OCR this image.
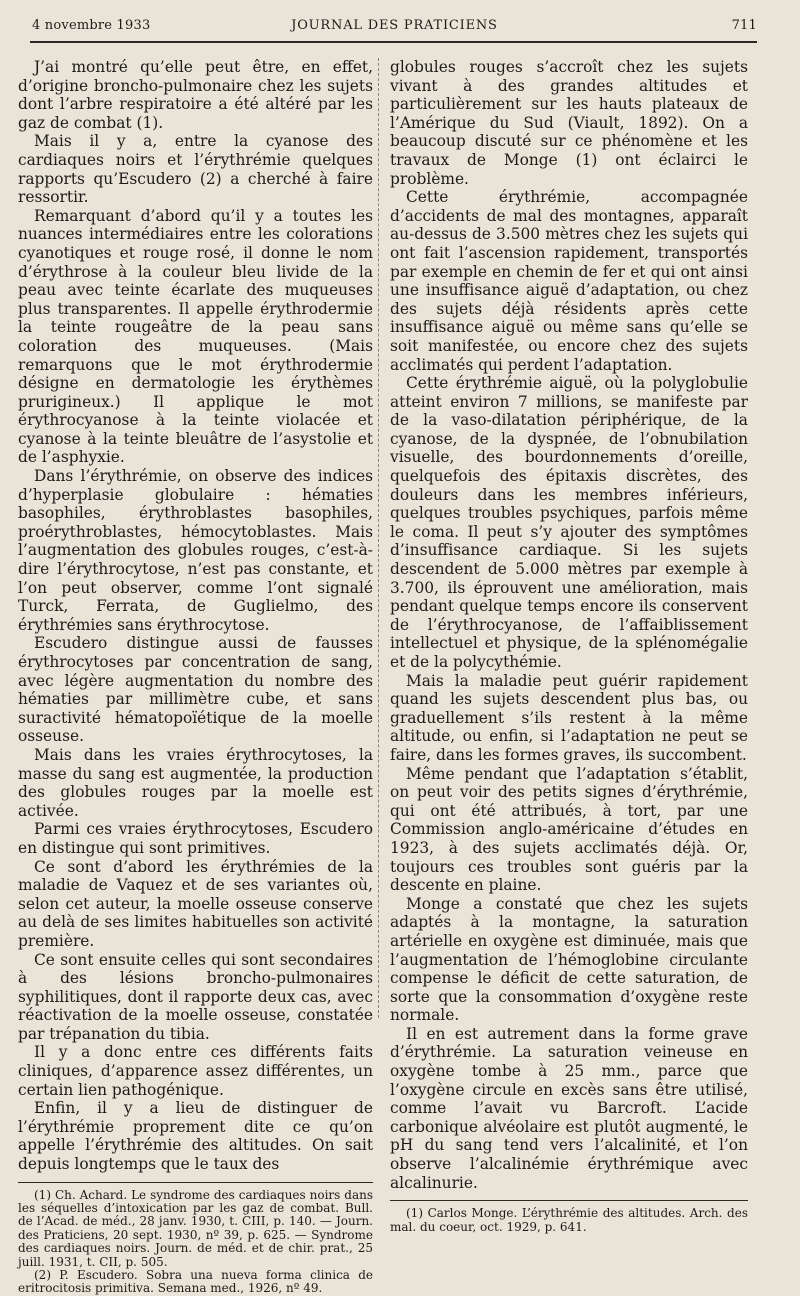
4 novembre 1933	JOURNAL DES PRATICIENS	711

J’ai montré qu’elle peut être, en effet, d’origine broncho-pulmonaire chez les sujets dont l’arbre respiratoire a été altéré par les gaz de combat (1).

Mais il y a, entre la cyanose des cardiaques noirs et l’érythrémie quelques rapports qu’Escudero (2) a cherché à faire ressortir.

Remarquant d’abord qu’il y a toutes les nuances intermédiaires entre les colorations cyanotiques et rouge rosé, il donne le nom d’érythrose à la couleur bleu livide de la peau avec teinte écarlate des muqueuses plus transparentes. Il appelle érythrodermie la teinte rougeâtre de la peau sans coloration des muqueuses. (Mais remarquons que le mot érythrodermie désigne en dermatologie les érythèmes prurigineux.) Il applique le mot érythrocyanose à la teinte violacée et cyanose à la teinte bleuâtre de l’asystolie et de l’asphyxie.

Dans l’érythrémie, on observe des indices d’hyperplasie globulaire : hématies basophiles, érythroblastes basophiles, proérythroblastes, hémocytoblastes. Mais l’augmentation des globules rouges, c’est-à-dire l’érythrocytose, n’est pas constante, et l’on peut observer, comme l’ont signalé Turck, Ferrata, de Guglielmo, des érythrémies sans érythrocytose.

Escudero distingue aussi de fausses érythrocytoses par concentration de sang, avec légère augmentation du nombre des hématies par millimètre cube, et sans suractivité hématopoïétique de la moelle osseuse.

Mais dans les vraies érythrocytoses, la masse du sang est augmentée, la production des globules rouges par la moelle est activée.

Parmi ces vraies érythrocytoses, Escudero en distingue qui sont primitives.

Ce sont d’abord les érythrémies de la maladie de Vaquez et de ses variantes où, selon cet auteur, la moelle osseuse conserve au delà de ses limites habituelles son activité première.

Ce sont ensuite celles qui sont secondaires à des lésions broncho-pulmonaires syphilitiques, dont il rapporte deux cas, avec réactivation de la moelle osseuse, constatée par trépanation du tibia.

Il y a donc entre ces différents faits cliniques, d’apparence assez différentes, un certain lien pathogénique.

Enfin, il y a lieu de distinguer de l’érythrémie proprement dite ce qu’on appelle l’érythrémie des altitudes. On sait depuis longtemps que le taux des

(1) Ch. Achard. Le syndrome des cardiaques noirs dans les séquelles d’intoxication par les gaz de combat. Bull. de l’Acad. de méd., 28 janv. 1930, t. CIII, p. 140. — Journ. des Praticiens, 20 sept. 1930, nº 39, p. 625. — Syndrome des cardiaques noirs. Journ. de méd. et de chir. prat., 25 juill. 1931, t. CII, p. 505.

(2) P. Escudero. Sobra una nueva forma clinica de eritrocitosis primitiva. Semana med., 1926, nº 49.

globules rouges s’accroît chez les sujets vivant à des grandes altitudes et particulièrement sur les hauts plateaux de l’Amérique du Sud (Viault, 1892). On a beaucoup discuté sur ce phénomène et les travaux de Monge (1) ont éclairci le problème.

Cette érythrémie, accompagnée d’accidents de mal des montagnes, apparaît au-dessus de 3.500 mètres chez les sujets qui ont fait l’ascension rapidement, transportés par exemple en chemin de fer et qui ont ainsi une insuffisance aiguë d’adaptation, ou chez des sujets déjà résidents après cette insuffisance aiguë ou même sans qu’elle se soit manifestée, ou encore chez des sujets acclimatés qui perdent l’adaptation.

Cette érythrémie aiguë, où la polyglobulie atteint environ 7 millions, se manifeste par de la vaso-dilatation périphérique, de la cyanose, de la dyspnée, de l’obnubilation visuelle, des bourdonnements d’oreille, quelquefois des épitaxis discrètes, des douleurs dans les membres inférieurs, quelques troubles psychiques, parfois même le coma. Il peut s’y ajouter des symptômes d’insuffisance cardiaque. Si les sujets descendent de 5.000 mètres par exemple à 3.700, ils éprouvent une amélioration, mais pendant quelque temps encore ils conservent de l’érythrocyanose, de l’affaiblissement intellectuel et physique, de la splénomégalie et de la polycythémie.

Mais la maladie peut guérir rapidement quand les sujets descendent plus bas, ou graduellement s’ils restent à la même altitude, ou enfin, si l’adaptation ne peut se faire, dans les formes graves, ils succombent.

Même pendant que l’adaptation s’établit, on peut voir des petits signes d’érythrémie, qui ont été attribués, à tort, par une Commission anglo-américaine d’études en 1923, à des sujets acclimatés déjà. Or, toujours ces troubles sont guéris par la descente en plaine.

Monge a constaté que chez les sujets adaptés à la montagne, la saturation artérielle en oxygène est diminuée, mais que l’augmentation de l’hémoglobine circulante compense le déficit de cette saturation, de sorte que la consommation d’oxygène reste normale.

Il en est autrement dans la forme grave d’érythrémie. La saturation veineuse en oxygène tombe à 25 mm., parce que l’oxygène circule en excès sans être utilisé, comme l’avait vu Barcroft. L’acide carbonique alvéolaire est plutôt augmenté, le pH du sang tend vers l’alcalinité, et l’on observe l’alcalinémie érythrémique avec alcalinurie.

(1) Carlos Monge. L’érythrémie des altitudes. Arch. des mal. du coeur, oct. 1929, p. 641.
